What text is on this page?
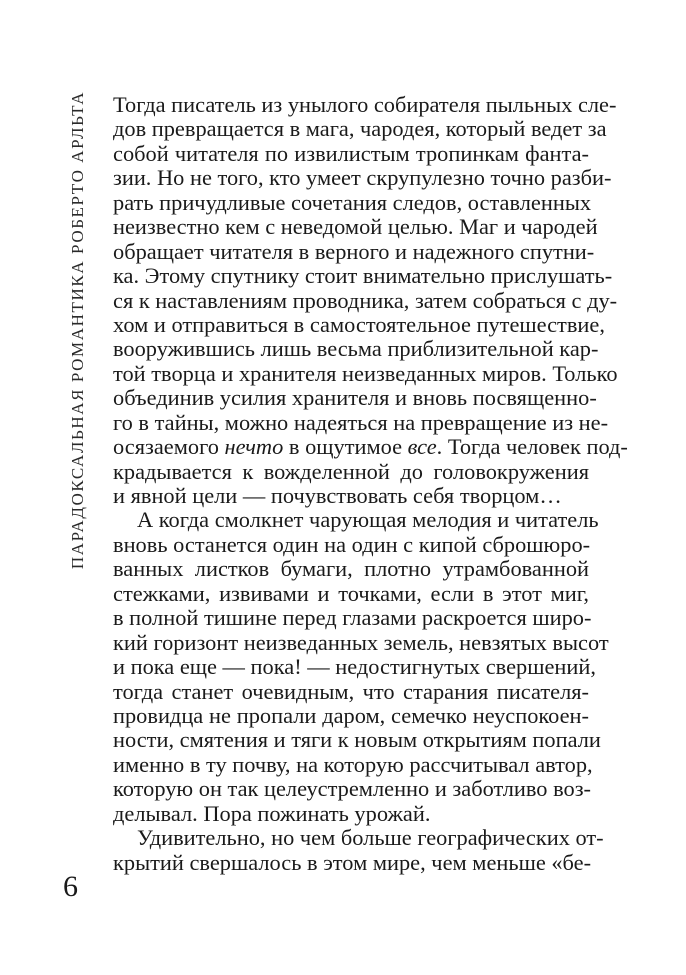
ПАРАДОКСАЛЬНАЯ РОМАНТИКА РОБЕРТО АРЛЬТА Тогда писатель из унылого собирателя пыльных сле-
дов превращается в мага, чародея, который ведет за
собой читателя по извилистым тропинкам фанта-
зии. Но не того, кто умеет скрупулезно точно разби-
рать причудливые сочетания следов, оставленных
неизвестно кем с неведомой целью. Маг и чародей
обращает читателя в верного и надежного спутни-
ка. Этому спутнику стоит внимательно прислушать-
ся к наставлениям проводника, затем собраться с ду-
хом и отправиться в самостоятельное путешествие,
вооружившись лишь весьма приблизительной кар-
той творца и хранителя неизведанных миров. Только
объединив усилия хранителя и вновь посвященно-
го в тайны, можно надеяться на превращение из не-
осязаемого нечто в ощутимое все. Тогда человек под-
крадывается к вожделенной до головокружения
и явной цели — почувствовать себя творцом…
А когда смолкнет чарующая мелодия и читатель
вновь останется один на один с кипой сброшюро-
ванных листков бумаги, плотно утрамбованной
стежками, извивами и точками, если в этот миг,
в полной тишине перед глазами раскроется широ-
кий горизонт неизведанных земель, невзятых высот
и пока еще — пока! — недостигнутых свершений,
тогда станет очевидным, что старания писателя-
провидца не пропали даром, семечко неуспокоен-
ности, смятения и тяги к новым открытиям попали
именно в ту почву, на которую рассчитывал автор,
которую он так целеустремленно и заботливо воз-
делывал. Пора пожинать урожай.
Удивительно, но чем больше географических от-
крытий свершалось в этом мире, чем меньше «бе-
6
